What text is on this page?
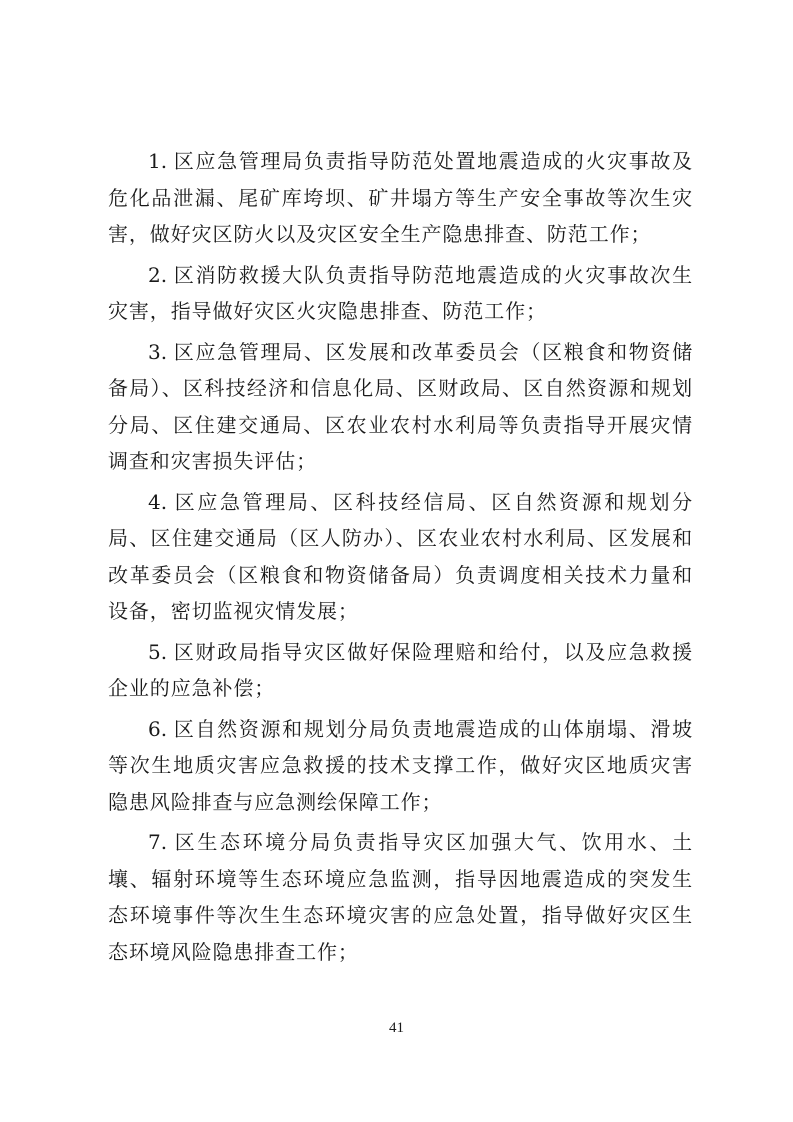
1. 区应急管理局负责指导防范处置地震造成的火灾事故及危化品泄漏、尾矿库垮坝、矿井塌方等生产安全事故等次生灾害，做好灾区防火以及灾区安全生产隐患排查、防范工作；

2. 区消防救援大队负责指导防范地震造成的火灾事故次生灾害，指导做好灾区火灾隐患排查、防范工作；

3. 区应急管理局、区发展和改革委员会（区粮食和物资储备局）、区科技经济和信息化局、区财政局、区自然资源和规划分局、区住建交通局、区农业农村水利局等负责指导开展灾情调查和灾害损失评估；

4. 区应急管理局、区科技经信局、区自然资源和规划分局、区住建交通局（区人防办）、区农业农村水利局、区发展和改革委员会（区粮食和物资储备局）负责调度相关技术力量和设备，密切监视灾情发展；

5. 区财政局指导灾区做好保险理赔和给付，以及应急救援企业的应急补偿；

6. 区自然资源和规划分局负责地震造成的山体崩塌、滑坡等次生地质灾害应急救援的技术支撑工作，做好灾区地质灾害隐患风险排查与应急测绘保障工作；

7. 区生态环境分局负责指导灾区加强大气、饮用水、土壤、辐射环境等生态环境应急监测，指导因地震造成的突发生态环境事件等次生生态环境灾害的应急处置，指导做好灾区生态环境风险隐患排查工作；

41
